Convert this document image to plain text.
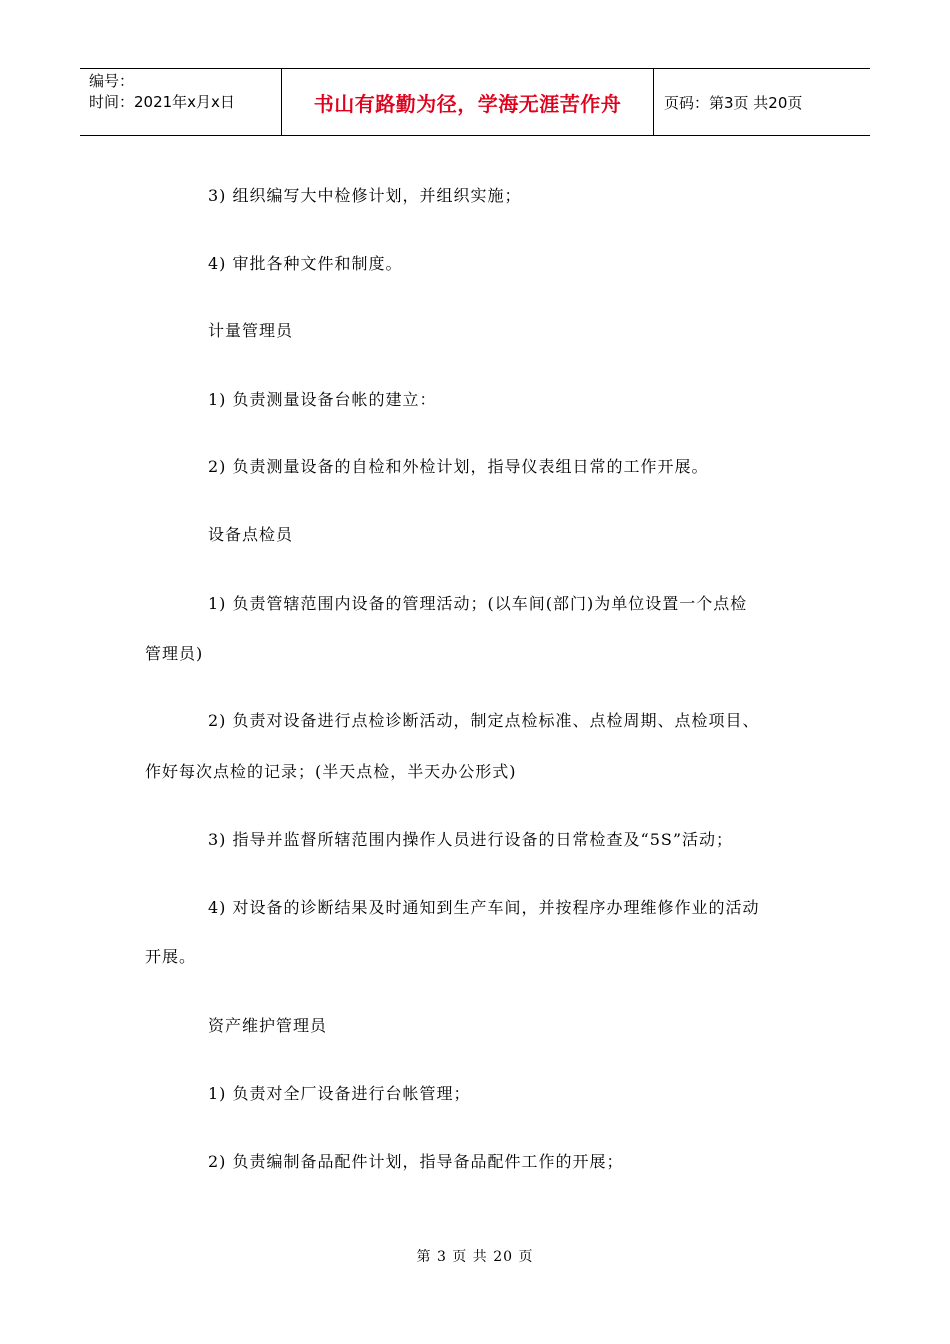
编号：
时间：2021年x月x日	书山有路勤为径，学海无涯苦作舟	页码：第3页 共20页
3) 组织编写大中检修计划，并组织实施；
4) 审批各种文件和制度。
计量管理员
1) 负责测量设备台帐的建立：
2) 负责测量设备的自检和外检计划，指导仪表组日常的工作开展。
设备点检员
1) 负责管辖范围内设备的管理活动；(以车间(部门)为单位设置一个点检
管理员)
2) 负责对设备进行点检诊断活动，制定点检标准、点检周期、点检项目、
作好每次点检的记录；(半天点检，半天办公形式)
3) 指导并监督所辖范围内操作人员进行设备的日常检查及“5S”活动；
4) 对设备的诊断结果及时通知到生产车间，并按程序办理维修作业的活动
开展。
资产维护管理员
1) 负责对全厂设备进行台帐管理；
2) 负责编制备品配件计划，指导备品配件工作的开展；
第 3 页 共 20 页
